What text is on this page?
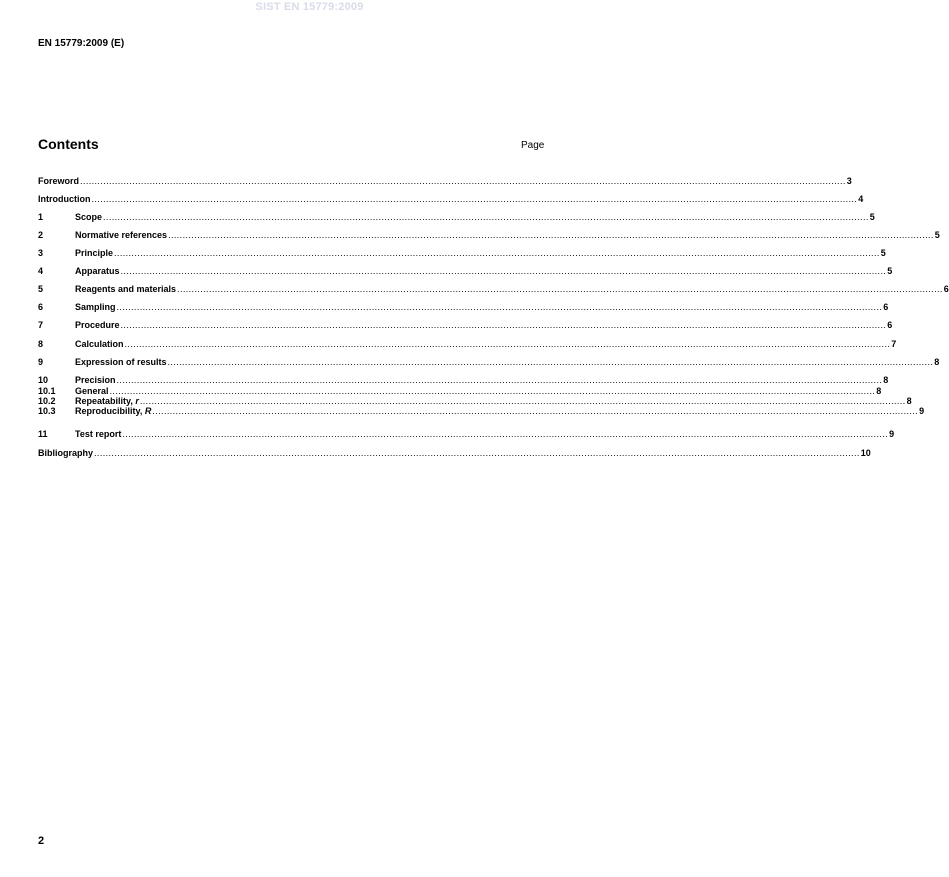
SIST EN 15779:2009
EN 15779:2009 (E)
Contents	Page
Foreword ........................................................................................................................................................................................................................................................................ 3
Introduction ........................................................................................................................................................................................................................................................................ 4
1	Scope ........................................................................................................................................................................................................................................................................ 5
2	Normative references ........................................................................................................................................................................................................................................................................ 5
3	Principle ........................................................................................................................................................................................................................................................................ 5
4	Apparatus ........................................................................................................................................................................................................................................................................ 5
5	Reagents and materials ........................................................................................................................................................................................................................................................................ 6
6	Sampling ........................................................................................................................................................................................................................................................................ 6
7	Procedure ........................................................................................................................................................................................................................................................................ 6
8	Calculation ........................................................................................................................................................................................................................................................................ 7
9	Expression of results ........................................................................................................................................................................................................................................................................ 8
10	Precision ........................................................................................................................................................................................................................................................................ 8
10.1	General ........................................................................................................................................................................................................................................................................ 8
10.2	Repeatability, r ........................................................................................................................................................................................................................................................................ 8
10.3	Reproducibility, R ........................................................................................................................................................................................................................................................................ 9
11	Test report ........................................................................................................................................................................................................................................................................ 9
Bibliography ........................................................................................................................................................................................................................................................................ 10
2
